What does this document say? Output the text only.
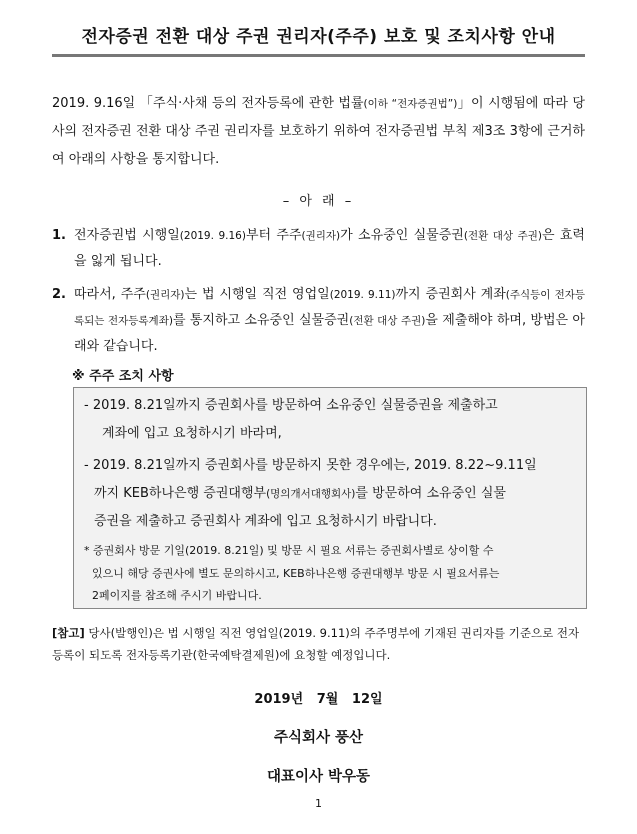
전자증권 전환 대상 주권 권리자(주주) 보호 및 조치사항 안내
2019. 9.16일 「주식·사채 등의 전자등록에 관한 법률(이하 “전자증권법”)」이 시행됨에 따라 당사의 전자증권 전환 대상 주권 권리자를 보호하기 위하여 전자증권법 부칙 제3조 3항에 근거하여 아래의 사항을 통지합니다.
– 아 래 –
1. 전자증권법 시행일(2019. 9.16)부터 주주(권리자)가 소유중인 실물증권(전환 대상 주권)은 효력을 잃게 됩니다.
2. 따라서, 주주(권리자)는 법 시행일 직전 영업일(2019. 9.11)까지 증권회사 계좌(주식등이 전자등록되는 전자등록계좌)를 통지하고 소유중인 실물증권(전환 대상 주권)을 제출해야 하며, 방법은 아래와 같습니다.
※ 주주 조치 사항
- 2019. 8.21일까지 증권회사를 방문하여 소유중인 실물증권을 제출하고
계좌에 입고 요청하시기 바라며,
- 2019. 8.21일까지 증권회사를 방문하지 못한 경우에는, 2019. 8.22~9.11일
까지 KEB하나은행 증권대행부(명의개서대행회사)를 방문하여 소유중인 실물
증권을 제출하고 증권회사 계좌에 입고 요청하시기 바랍니다.
* 증권회사 방문 기일(2019. 8.21일) 및 방문 시 필요 서류는 증권회사별로 상이할 수
있으니 해당 증권사에 별도 문의하시고, KEB하나은행 증권대행부 방문 시 필요서류는
2페이지를 참조해 주시기 바랍니다.
[참고] 당사(발행인)은 법 시행일 직전 영업일(2019. 9.11)의 주주명부에 기재된 권리자를 기준으로 전자등록이 되도록 전자등록기관(한국예탁결제원)에 요청할 예정입니다.
2019년   7월   12일
주식회사 풍산
대표이사 박우동
1
